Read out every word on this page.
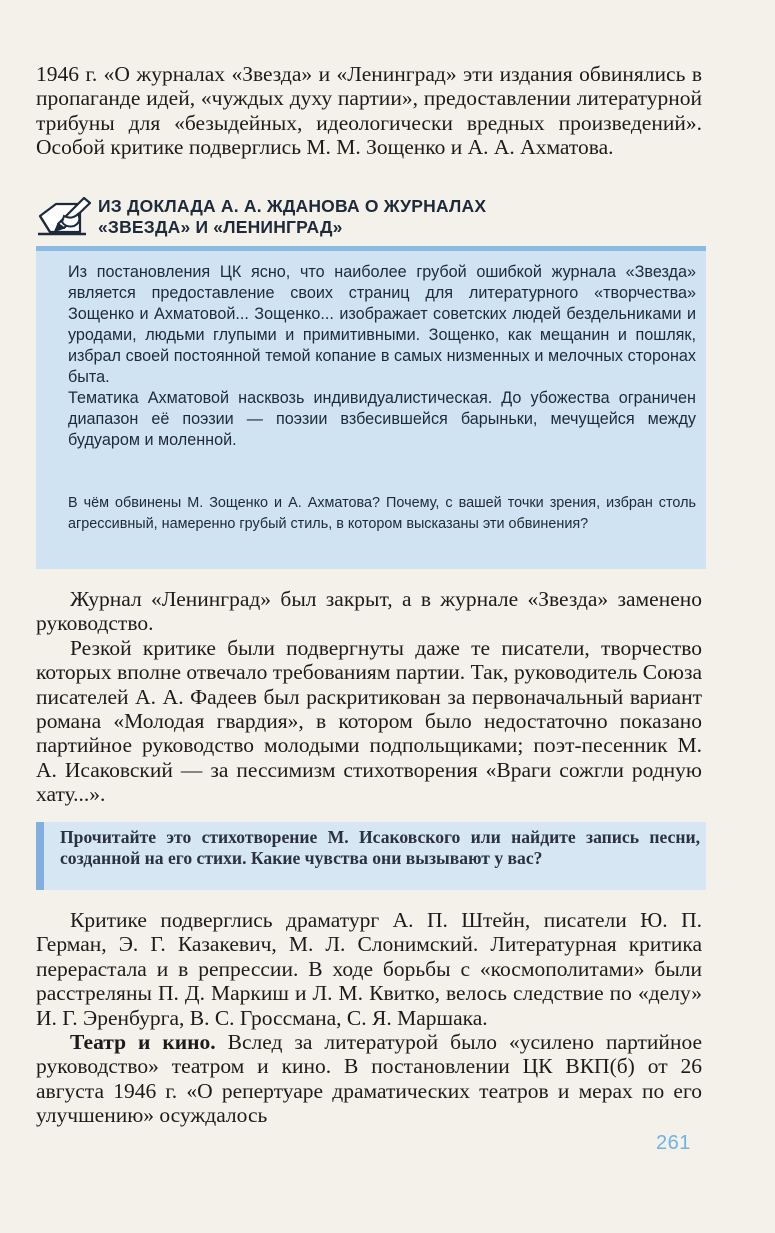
1946 г. «О журналах «Звезда» и «Ленинград» эти издания обвинялись в пропаганде идей, «чуждых духу партии», предоставлении литературной трибуны для «безыдейных, идеологически вредных произведений». Особой критике подверглись М. М. Зощенко и А. А. Ахматова.

ИЗ ДОКЛАДА А. А. ЖДАНОВА О ЖУРНАЛАХ
«ЗВЕЗДА» И «ЛЕНИНГРАД»

Из постановления ЦК ясно, что наиболее грубой ошибкой журнала «Звезда» является предоставление своих страниц для литературного «творчества» Зощенко и Ахматовой... Зощенко... изображает советских людей бездельниками и уродами, людьми глупыми и примитивными. Зощенко, как мещанин и пошляк, избрал своей постоянной темой копание в самых низменных и мелочных сторонах быта.

Тематика Ахматовой насквозь индивидуалистическая. До убожества ограничен диапазон её поэзии — поэзии взбесившейся барыньки, мечущейся между будуаром и моленной.

В чём обвинены М. Зощенко и А. Ахматова? Почему, с вашей точки зрения, избран столь агрессивный, намеренно грубый стиль, в котором высказаны эти обвинения?

Журнал «Ленинград» был закрыт, а в журнале «Звезда» заменено руководство.

Резкой критике были подвергнуты даже те писатели, творчество которых вполне отвечало требованиям партии. Так, руководитель Союза писателей А. А. Фадеев был раскритикован за первоначальный вариант романа «Молодая гвардия», в котором было недостаточно показано партийное руководство молодыми подпольщиками; поэт-песенник М. А. Исаковский — за пессимизм стихотворения «Враги сожгли родную хату...».

Прочитайте это стихотворение М. Исаковского или найдите запись песни, созданной на его стихи. Какие чувства они вызывают у вас?

Критике подверглись драматург А. П. Штейн, писатели Ю. П. Герман, Э. Г. Казакевич, М. Л. Слонимский. Литературная критика перерастала и в репрессии. В ходе борьбы с «космополитами» были расстреляны П. Д. Маркиш и Л. М. Квитко, велось следствие по «делу» И. Г. Эренбурга, В. С. Гроссмана, С. Я. Маршака.

Театр и кино. Вслед за литературой было «усилено партийное руководство» театром и кино. В постановлении ЦК ВКП(б) от 26 августа 1946 г. «О репертуаре драматических театров и мерах по его улучшению» осуждалось

261
